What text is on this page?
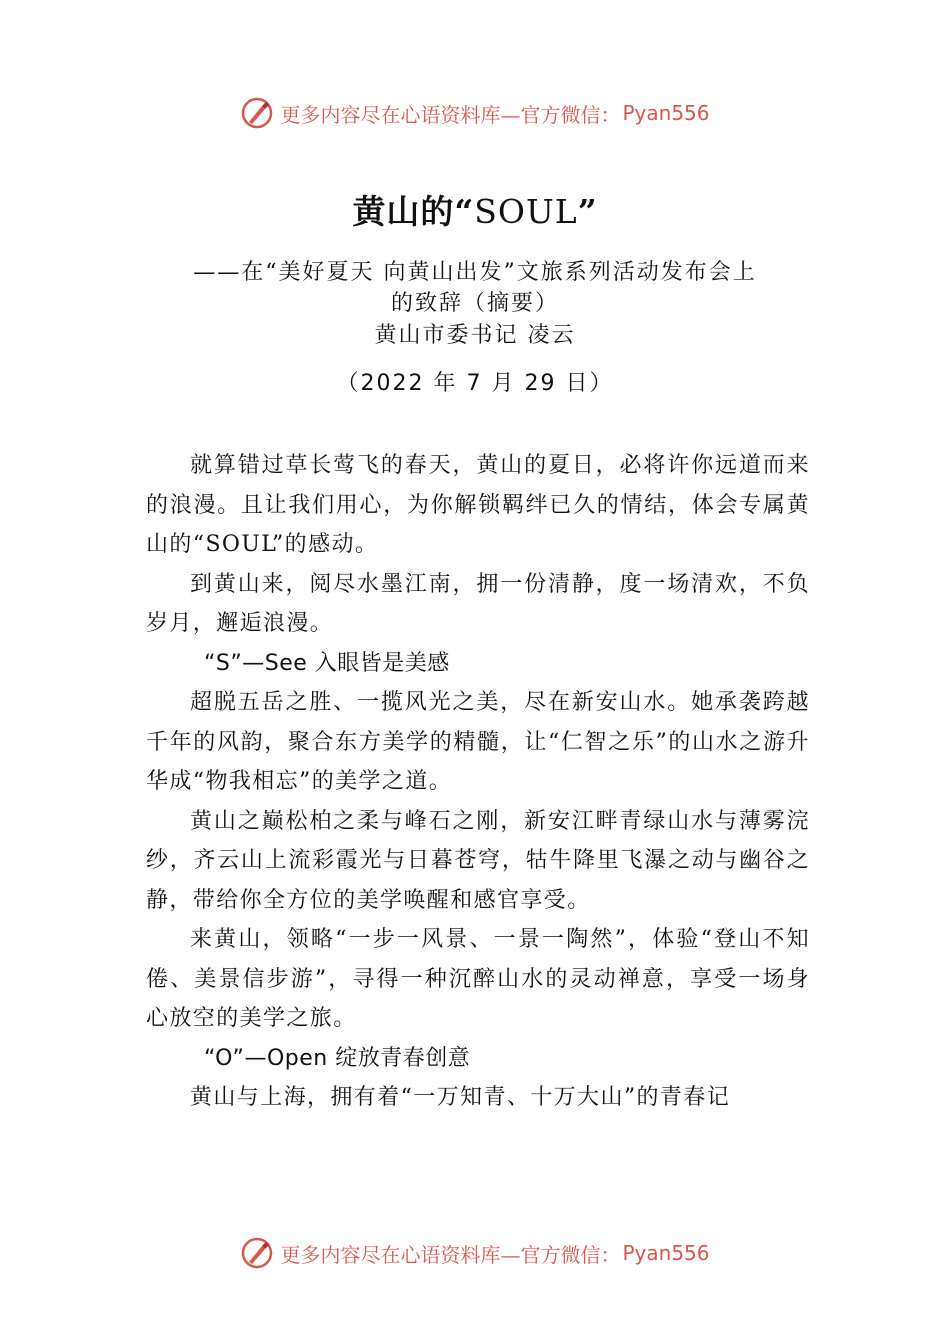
更多内容尽在心语资料库—官方微信： Pyan556
黄山的“SOUL”
——在“美好夏天 向黄山出发”文旅系列活动发布会上
的致辞（摘要）
黄山市委书记 凌云
（2022 年 7 月 29 日）

就算错过草长莺飞的春天，黄山的夏日，必将许你远道而来的浪漫。且让我们用心，为你解锁羁绊已久的情结，体会专属黄山的“SOUL”的感动。

到黄山来，阅尽水墨江南，拥一份清静，度一场清欢，不负岁月，邂逅浪漫。

“S”—See 入眼皆是美感

超脱五岳之胜、一揽风光之美，尽在新安山水。她承袭跨越千年的风韵，聚合东方美学的精髓，让“仁智之乐”的山水之游升华成“物我相忘”的美学之道。

黄山之巅松柏之柔与峰石之刚，新安江畔青绿山水与薄雾浣纱，齐云山上流彩霞光与日暮苍穹，牯牛降里飞瀑之动与幽谷之静，带给你全方位的美学唤醒和感官享受。

来黄山，领略“一步一风景、一景一陶然”，体验“登山不知倦、美景信步游”，寻得一种沉醉山水的灵动禅意，享受一场身心放空的美学之旅。

“O”—Open 绽放青春创意

黄山与上海，拥有着“一万知青、十万大山”的青春记

更多内容尽在心语资料库—官方微信： Pyan556
